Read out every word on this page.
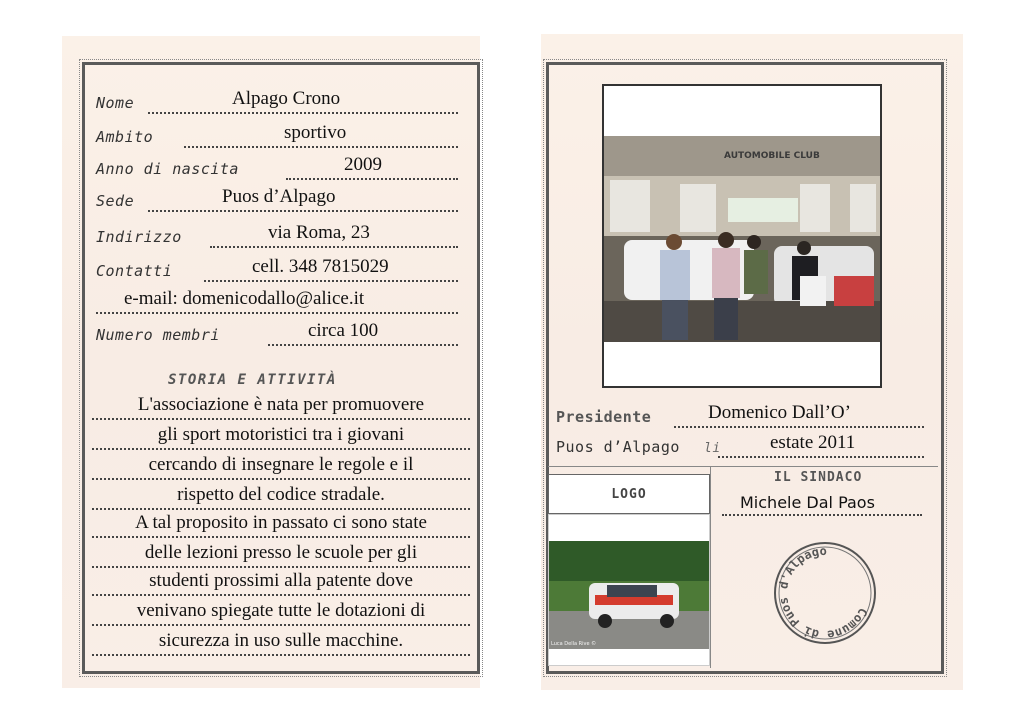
Nome	Alpago Crono
Ambito	sportivo
Anno di nascita	2009
Sede	Puos d’Alpago
Indirizzo	via Roma, 23
Contatti	cell. 348 7815029
e-mail: domenicodallo@alice.it
Numero membri	circa 100
STORIA E ATTIVITÀ
L'associazione è nata per promuovere
gli sport motoristici tra i giovani
cercando di insegnare le regole e il
rispetto del codice stradale.
A tal proposito in passato ci sono state
delle lezioni presso le scuole per gli
studenti prossimi alla patente dove
venivano spiegate tutte le dotazioni di
sicurezza in uso sulle macchine.
AUTOMOBILE CLUB
Presidente	Domenico Dall’O’
Puos d’Alpago li	estate 2011
IL SINDACO
Michele Dal Paos
LOGO
Luca Della Rive ©
Comune di Puos d'Alpago
